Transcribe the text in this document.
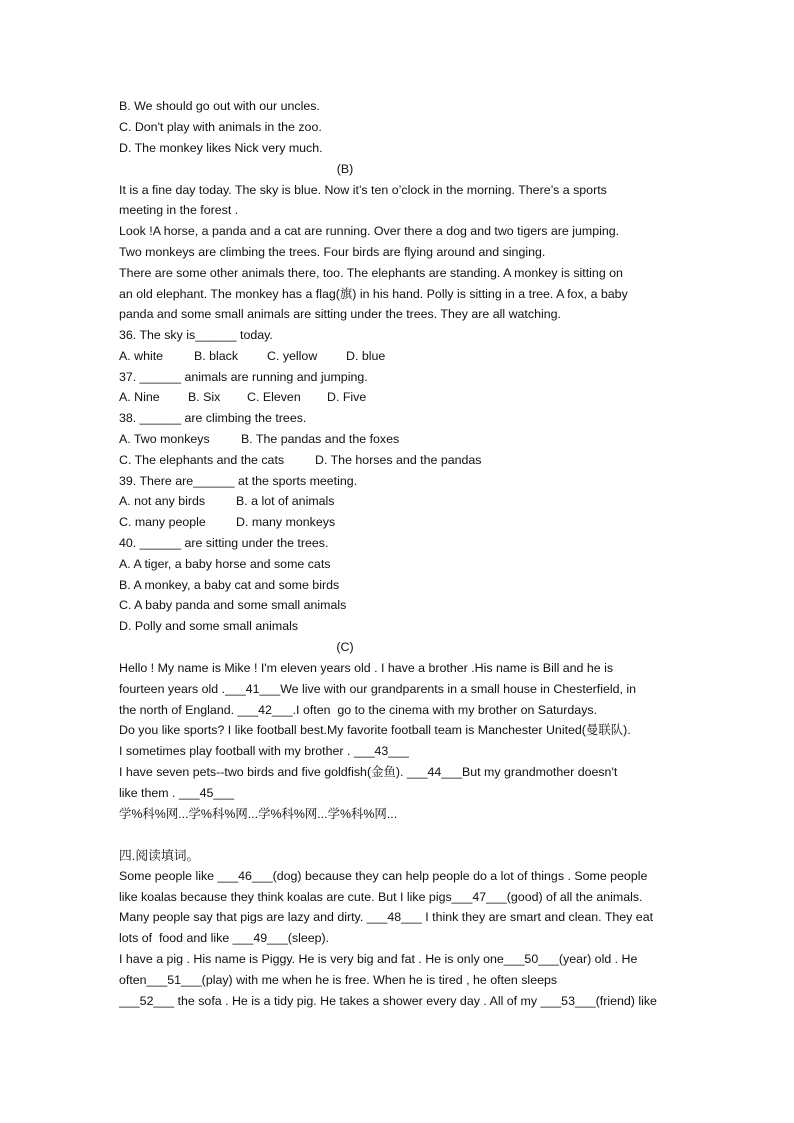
B. We should go out with our uncles.
C. Don't play with animals in the zoo.
D. The monkey likes Nick very much.
(B)
It is a fine day today. The sky is blue. Now it’s ten o’clock in the morning. There’s a sports
meeting in the forest .
Look !A horse, a panda and a cat are running. Over there a dog and two tigers are jumping.
Two monkeys are climbing the trees. Four birds are flying around and singing.
There are some other animals there, too. The elephants are standing. A monkey is sitting on
an old elephant. The monkey has a flag(旗) in his hand. Polly is sitting in a tree. A fox, a baby
panda and some small animals are sitting under the trees. They are all watching.
36. The sky is______ today.
A. white B. black C. yellow D. blue
37. ______ animals are running and jumping.
A. Nine B. Six C. Eleven D. Five
38. ______ are climbing the trees.
A. Two monkeys	B. The pandas and the foxes
C. The elephants and the cats D. The horses and the pandas
39. There are______ at the sports meeting.
A. not any birds B. a lot of animals
C. many people D. many monkeys
40. ______ are sitting under the trees.
A. A tiger, a baby horse and some cats
B. A monkey, a baby cat and some birds
C. A baby panda and some small animals
D. Polly and some small animals
(C)
Hello ! My name is Mike ! I'm eleven years old . I have a brother .His name is Bill and he is
fourteen years old .___41___We live with our grandparents in a small house in Chesterfield, in
the north of England. ___42___.I often  go to the cinema with my brother on Saturdays.
Do you like sports? I like football best.My favorite football team is Manchester United(曼联队).
I sometimes play football with my brother . ___43___
I have seven pets--two birds and five goldfish(金鱼). ___44___But my grandmother doesn't
like them . ___45___
学%科%网...学%科%网...学%科%网...学%科%网...
四.阅读填词。
Some people like ___46___(dog) because they can help people do a lot of things . Some people
like koalas because they think koalas are cute. But I like pigs___47___(good) of all the animals.
Many people say that pigs are lazy and dirty. ___48___ I think they are smart and clean. They eat
lots of  food and like ___49___(sleep).
I have a pig . His name is Piggy. He is very big and fat . He is only one___50___(year) old . He
often___51___(play) with me when he is free. When he is tired , he often sleeps
___52___ the sofa . He is a tidy pig. He takes a shower every day . All of my ___53___(friend) like
